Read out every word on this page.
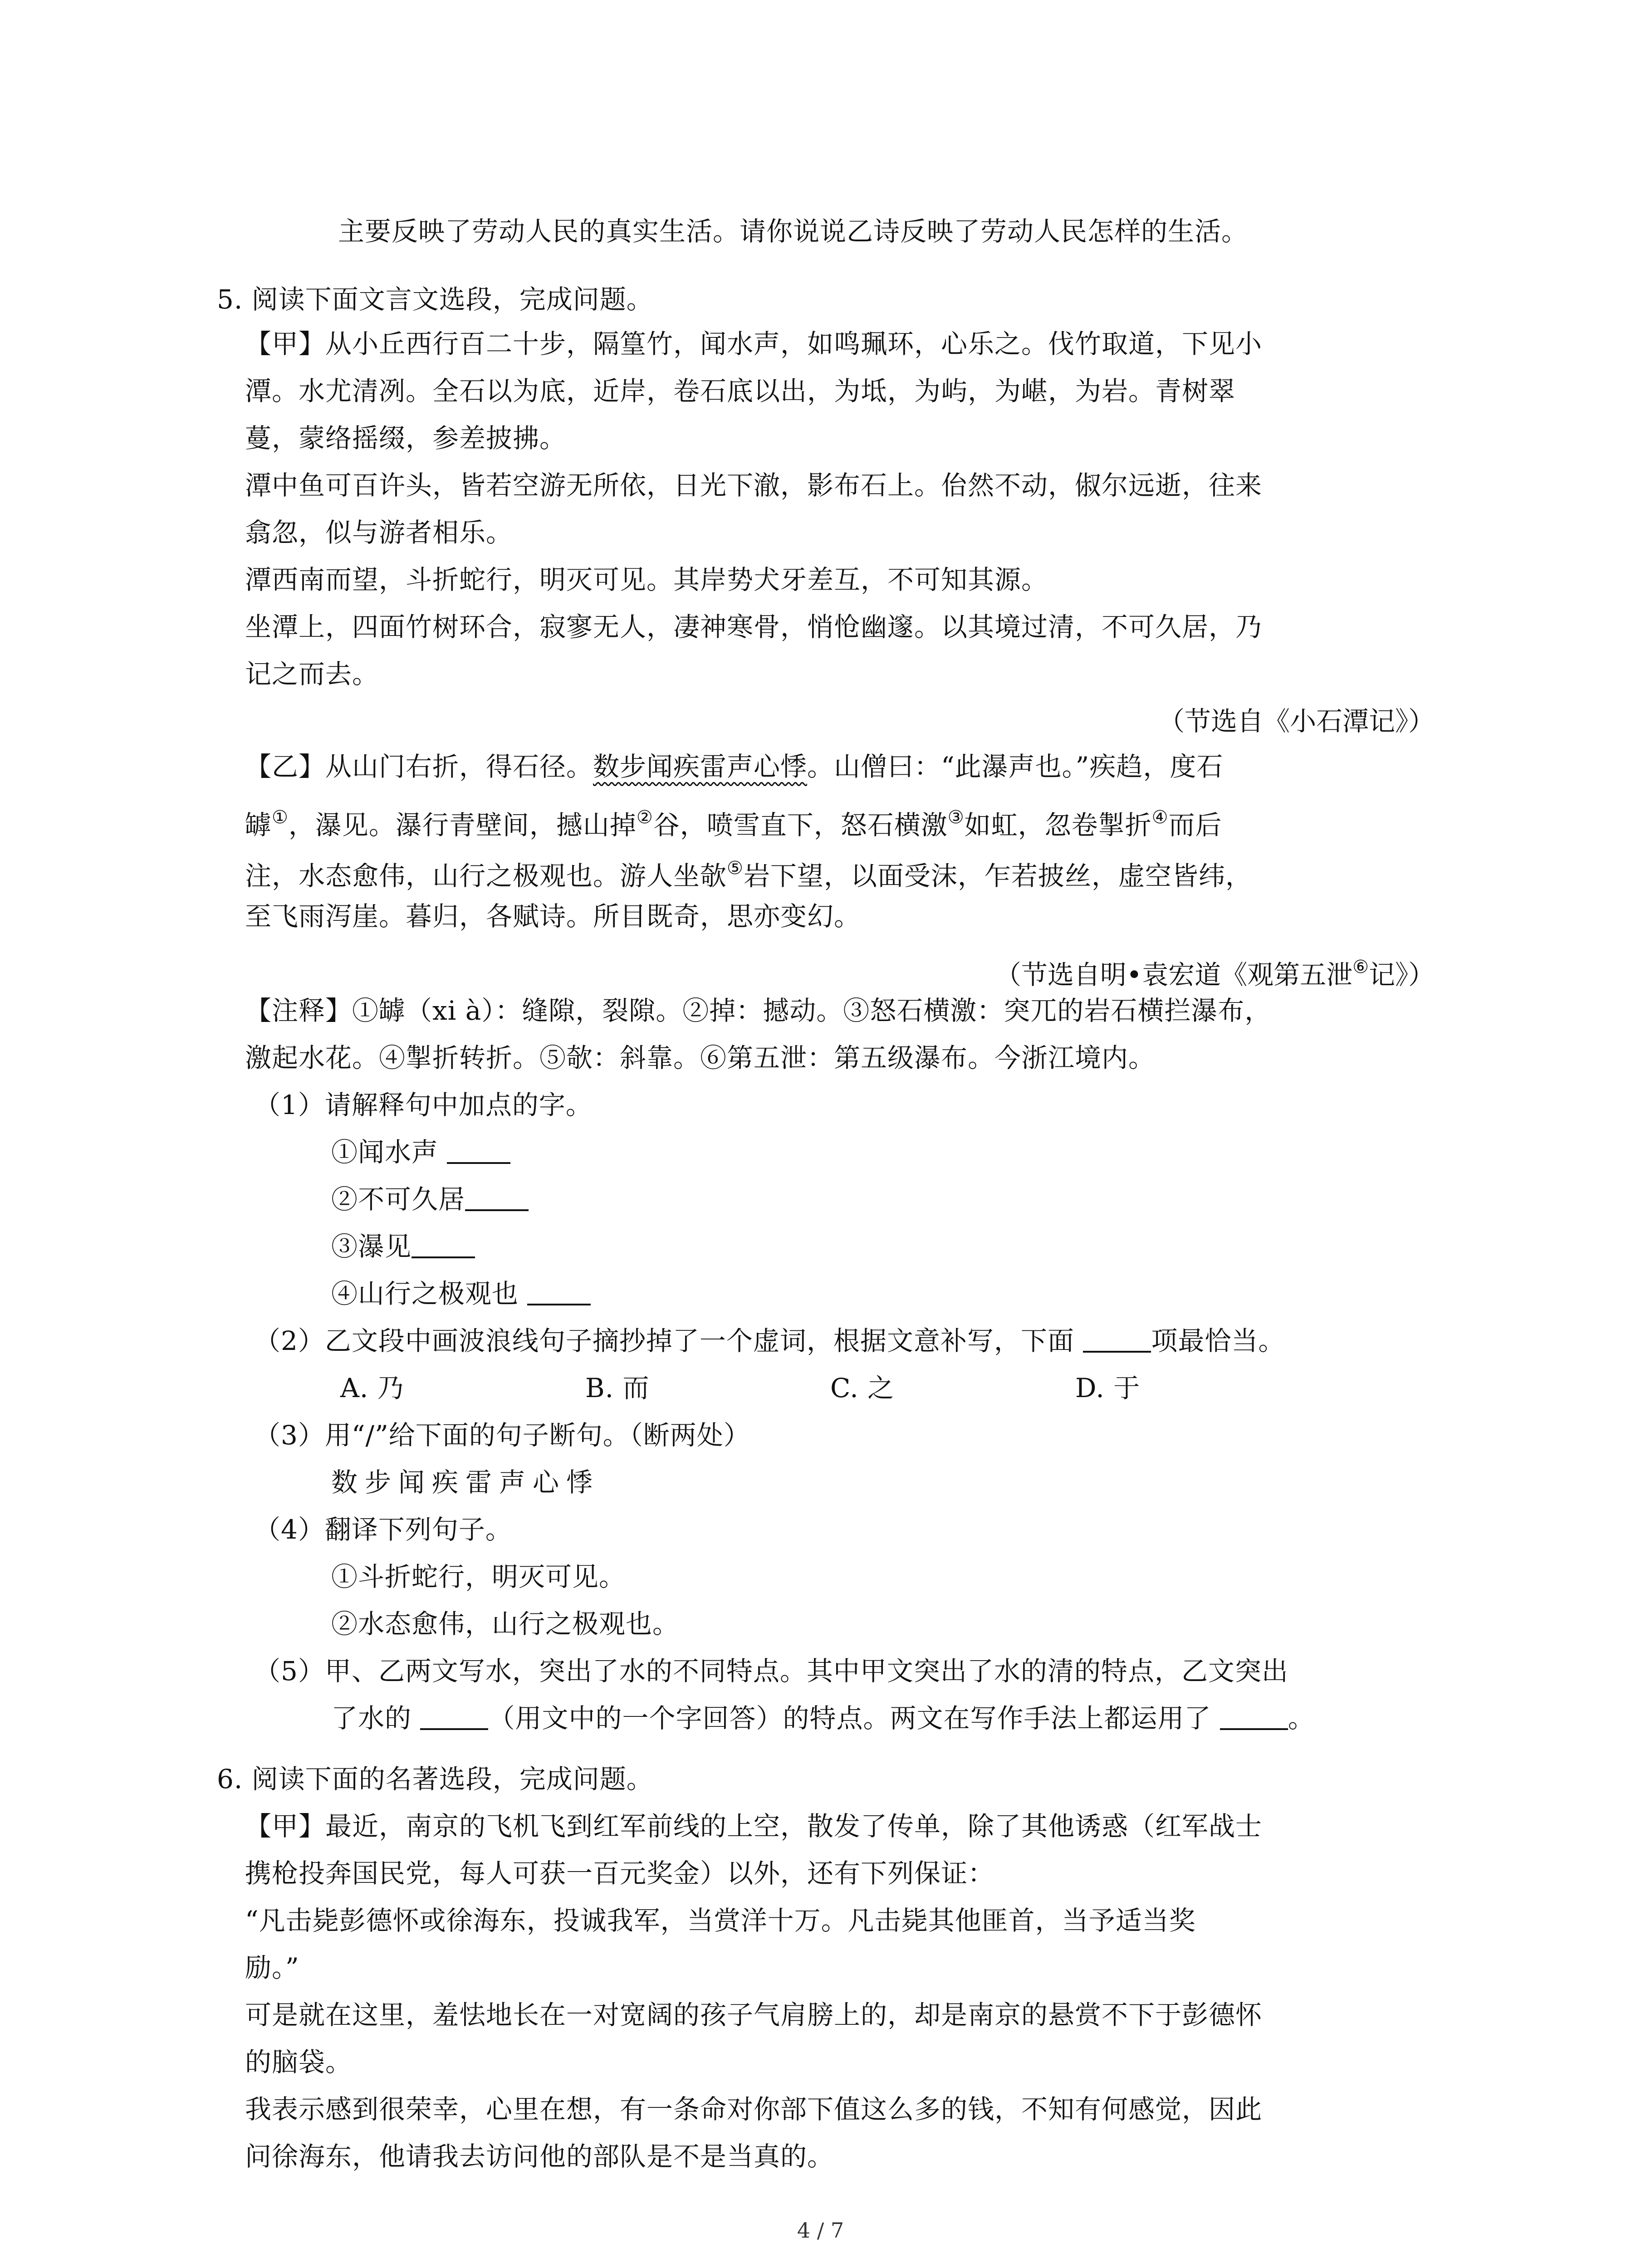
主要反映了劳动人民的真实生活。请你说说乙诗反映了劳动人民怎样的生活。
5. 阅读下面文言文选段，完成问题。
【甲】从小丘西行百二十步，隔篁竹，闻水声，如鸣珮环，心乐之。伐竹取道，下见小
潭。水尤清冽。全石以为底，近岸，卷石底以出，为坻，为屿，为嵁，为岩。青树翠
蔓，蒙络摇缀，参差披拂。
潭中鱼可百许头，皆若空游无所依，日光下澈，影布石上。佁然不动，俶尔远逝，往来
翕忽，似与游者相乐。
潭西南而望，斗折蛇行，明灭可见。其岸势犬牙差互，不可知其源。
坐潭上，四面竹树环合，寂寥无人，凄神寒骨，悄怆幽邃。以其境过清，不可久居，乃
记之而去。
（节选自《小石潭记》）
【乙】从山门右折，得石径。数步闻疾雷声心悸。山僧曰：“此瀑声也。”疾趋，度石
罅①，瀑见。瀑行青壁间，撼山掉②谷，喷雪直下，怒石横激③如虹，忽卷掣折④而后
注，水态愈伟，山行之极观也。游人坐欹⑤岩下望，以面受沫，乍若披丝，虚空皆纬，
至飞雨泻崖。暮归，各赋诗。所目既奇，思亦变幻。
（节选自明•袁宏道《观第五泄⑥记》）
【注释】①罅（xi à）：缝隙，裂隙。②掉：撼动。③怒石横激：突兀的岩石横拦瀑布，
激起水花。④掣折转折。⑤欹：斜靠。⑥第五泄：第五级瀑布。今浙江境内。
（1）请解释句中加点的字。
①闻水声
②不可久居
③瀑见
④山行之极观也
（2）乙文段中画波浪线句子摘抄掉了一个虚词，根据文意补写，下面	项最恰当。
A. 乃	B. 而	C. 之	D. 于
（3）用“/”给下面的句子断句。（断两处）
数步闻疾雷声心悸
（4）翻译下列句子。
①斗折蛇行，明灭可见。
②水态愈伟，山行之极观也。
（5）甲、乙两文写水，突出了水的不同特点。其中甲文突出了水的清的特点，乙文突出
了水的	（用文中的一个字回答）的特点。两文在写作手法上都运用了	。
6. 阅读下面的名著选段，完成问题。
【甲】最近，南京的飞机飞到红军前线的上空，散发了传单，除了其他诱惑（红军战士
携枪投奔国民党，每人可获一百元奖金）以外，还有下列保证：
“凡击毙彭德怀或徐海东，投诚我军，当赏洋十万。凡击毙其他匪首，当予适当奖
励。”
可是就在这里，羞怯地长在一对宽阔的孩子气肩膀上的，却是南京的悬赏不下于彭德怀
的脑袋。
我表示感到很荣幸，心里在想，有一条命对你部下值这么多的钱，不知有何感觉，因此
问徐海东，他请我去访问他的部队是不是当真的。
4 / 7
